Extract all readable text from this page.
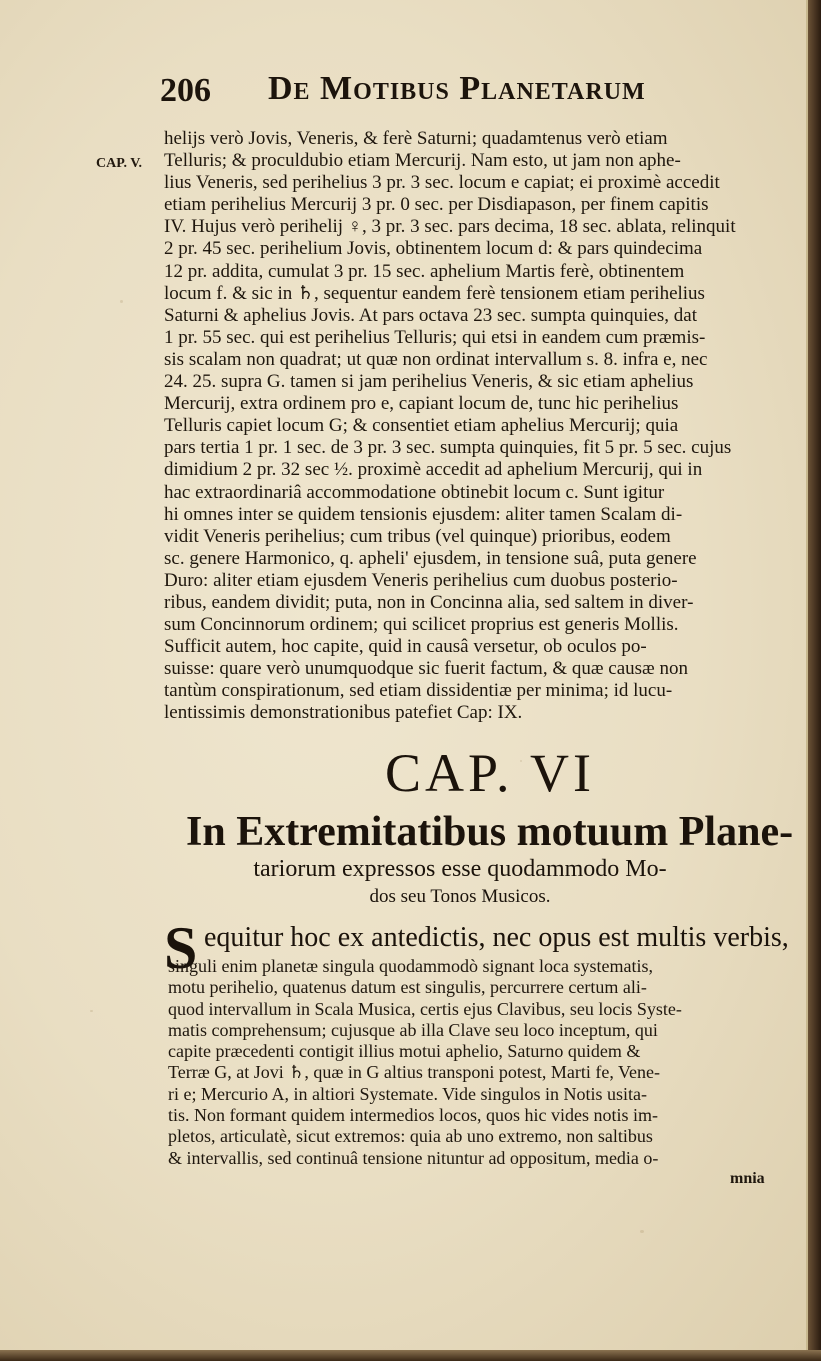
206 De Motibus Planetarum
CAP. V.
helijs verò Jovis, Veneris, & ferè Saturni; quadamtenus verò etiam
Telluris; & proculdubio etiam Mercurij. Nam esto, ut jam non aphe-
lius Veneris, sed perihelius 3 pr. 3 sec. locum e capiat; ei proximè accedit
etiam perihelius Mercurij 3 pr. 0 sec. per Disdiapason, per finem capitis
IV. Hujus verò perihelij ♀, 3 pr. 3 sec. pars decima, 18 sec. ablata, relinquit
2 pr. 45 sec. perihelium Jovis, obtinentem locum d: & pars quindecima
12 pr. addita, cumulat 3 pr. 15 sec. aphelium Martis ferè, obtinentem
locum f. & sic in ♄, sequentur eandem ferè tensionem etiam perihelius
Saturni & aphelius Jovis. At pars octava 23 sec. sumpta quinquies, dat
1 pr. 55 sec. qui est perihelius Telluris; qui etsi in eandem cum præmis-
sis scalam non quadrat; ut quæ non ordinat intervallum s. 8. infra e, nec
24. 25. supra G. tamen si jam perihelius Veneris, & sic etiam aphelius
Mercurij, extra ordinem pro e, capiant locum de, tunc hic perihelius
Telluris capiet locum G; & consentiet etiam aphelius Mercurij; quia
pars tertia 1 pr. 1 sec. de 3 pr. 3 sec. sumpta quinquies, fit 5 pr. 5 sec. cujus
dimidium 2 pr. 32 sec ½. proximè accedit ad aphelium Mercurij, qui in
hac extraordinariâ accommodatione obtinebit locum c. Sunt igitur
hi omnes inter se quidem tensionis ejusdem: aliter tamen Scalam di-
vidit Veneris perihelius; cum tribus (vel quinque) prioribus, eodem
sc. genere Harmonico, q. apheli' ejusdem, in tensione suâ, puta genere
Duro: aliter etiam ejusdem Veneris perihelius cum duobus posterio-
ribus, eandem dividit; puta, non in Concinna alia, sed saltem in diver-
sum Concinnorum ordinem; qui scilicet proprius est generis Mollis.
Sufficit autem, hoc capite, quid in causâ versetur, ob oculos po-
suisse: quare verò unumquodque sic fuerit factum, & quæ causæ non
tantùm conspirationum, sed etiam dissidentiæ per minima; id lucu-
lentissimis demonstrationibus patefiet Cap: IX.
CAP. VI
In Extremitatibus motuum Plane-
tariorum expressos esse quodammodo Mo-
dos seu Tonos Musicos.
S equitur hoc ex antedictis, nec opus est multis verbis,
singuli enim planetæ singula quodammodò signant loca systematis,
motu perihelio, quatenus datum est singulis, percurrere certum ali-
quod intervallum in Scala Musica, certis ejus Clavibus, seu locis Syste-
matis comprehensum; cujusque ab illa Clave seu loco inceptum, qui
capite præcedenti contigit illius motui aphelio, Saturno quidem &
Terræ G, at Jovi ♄, quæ in G altius transponi potest, Marti fe, Vene-
ri e; Mercurio A, in altiori Systemate. Vide singulos in Notis usita-
tis. Non formant quidem intermedios locos, quos hic vides notis im-
pletos, articulatè, sicut extremos: quia ab uno extremo, non saltibus
& intervallis, sed continuâ tensione nituntur ad oppositum, media o-
mnia
